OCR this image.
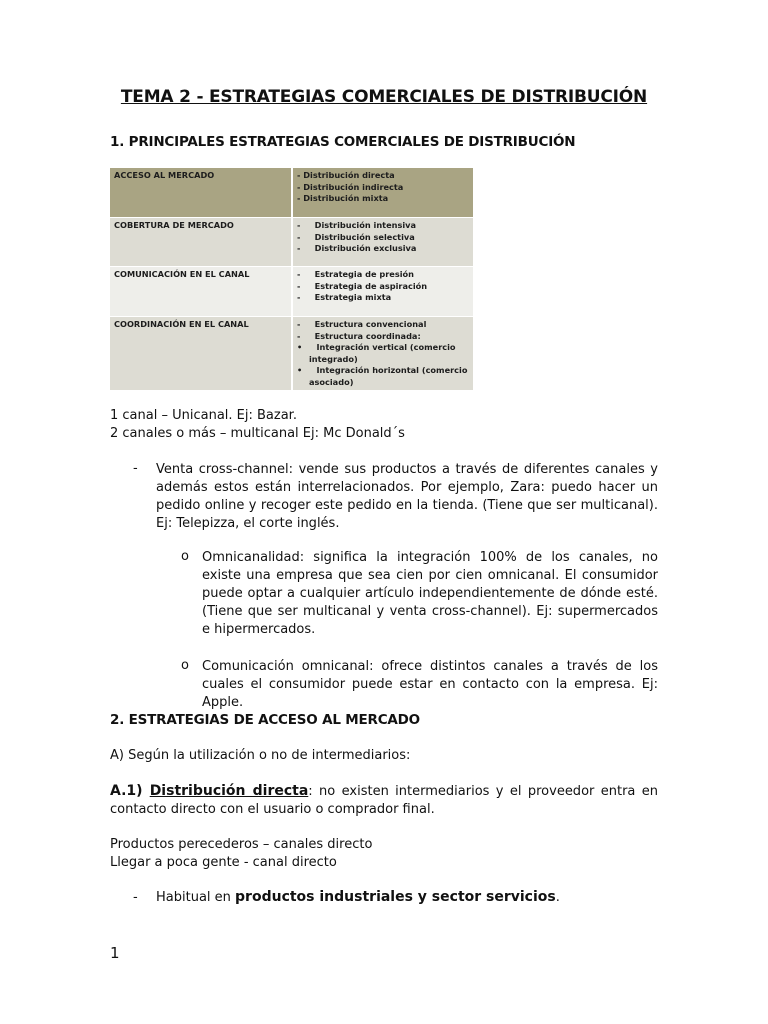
TEMA 2 - ESTRATEGIAS COMERCIALES DE DISTRIBUCIÓN
1. PRINCIPALES ESTRATEGIAS COMERCIALES DE DISTRIBUCIÓN
ACCESO AL MERCADO	- Distribución directa
- Distribución indirecta
- Distribución mixta

COBERTURA DE MERCADO	-     Distribución intensiva
-     Distribución selectiva
-     Distribución exclusiva

COMUNICACIÓN EN EL CANAL	-     Estrategia de presión
-     Estrategia de aspiración
-     Estrategia mixta

COORDINACIÓN EN EL CANAL	-     Estructura convencional
-     Estructura coordinada:
•     Integración vertical (comercio integrado)
•     Integración horizontal (comercio asociado)
1 canal – Unicanal. Ej: Bazar.
2 canales o más – multicanal Ej: Mc Donald´s
- Venta cross-channel: vende sus productos a través de diferentes canales y además estos están interrelacionados. Por ejemplo, Zara: puedo hacer un pedido online y recoger este pedido en la tienda. (Tiene que ser multicanal). Ej: Telepizza, el corte inglés.
o Omnicanalidad: significa la integración 100% de los canales, no existe una empresa que sea cien por cien omnicanal. El consumidor puede optar a cualquier artículo independientemente de dónde esté. (Tiene que ser multicanal y venta cross-channel). Ej: supermercados e hipermercados.
o Comunicación omnicanal: ofrece distintos canales a través de los cuales el consumidor puede estar en contacto con la empresa. Ej: Apple.
2. ESTRATEGIAS DE ACCESO AL MERCADO
A) Según la utilización o no de intermediarios:
A.1) Distribución directa: no existen intermediarios y el proveedor entra en contacto directo con el usuario o comprador final.
Productos perecederos – canales directo
Llegar a poca gente - canal directo
- Habitual en productos industriales y sector servicios.
1
